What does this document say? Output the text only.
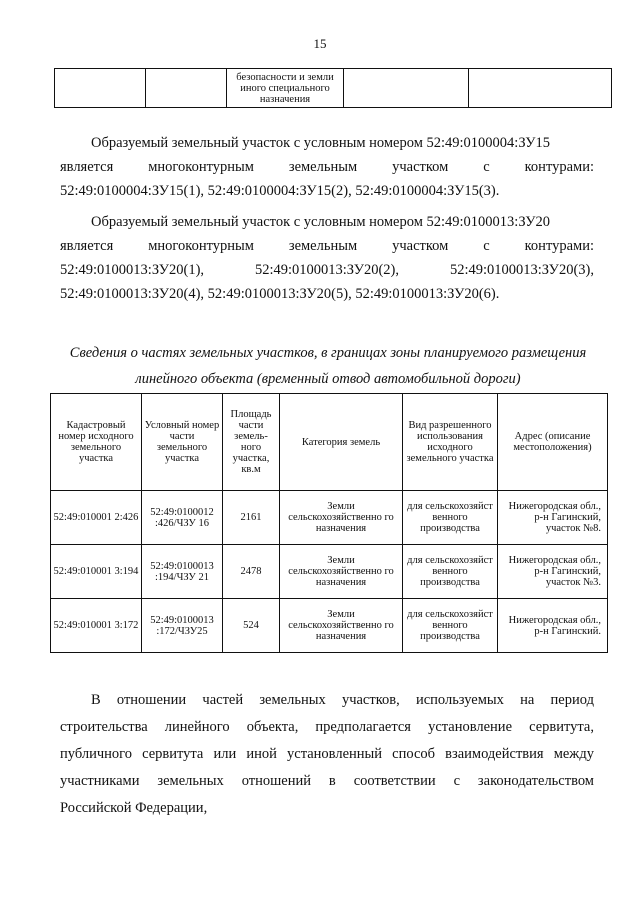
15
		безопасности и земли иного специального назначения		
Образуемый земельный участок с условным номером 52:49:0100004:ЗУ15
является многоконтурным земельным участком с контурами:
52:49:0100004:ЗУ15(1), 52:49:0100004:ЗУ15(2), 52:49:0100004:ЗУ15(3).
Образуемый земельный участок с условным номером 52:49:0100013:ЗУ20
является многоконтурным земельным участком с контурами:
52:49:0100013:ЗУ20(1),	52:49:0100013:ЗУ20(2),	52:49:0100013:ЗУ20(3),
52:49:0100013:ЗУ20(4), 52:49:0100013:ЗУ20(5), 52:49:0100013:ЗУ20(6).
Сведения о частях земельных участков, в границах зоны планируемого размещения
линейного объекта (временный отвод автомобильной дороги)
Кадастровый номер исходного земельного участка	Условный номер части земельного участка	Площадь части земель-ного участка, кв.м	Категория земель	Вид разрешенного использования исходного земельного участка	Адрес (описание местоположения)
52:49:010001 2:426	52:49:0100012 :426/ЧЗУ 16	2161	Земли сельскохозяйственно го назначения	для сельскохозяйст венного производства	Нижегородская обл., р-н Гагинский, участок №8.
52:49:010001 3:194	52:49:0100013 :194/ЧЗУ 21	2478	Земли сельскохозяйственно го назначения	для сельскохозяйст венного производства	Нижегородская обл., р-н Гагинский, участок №3.
52:49:010001 3:172	52:49:0100013 :172/ЧЗУ25	524	Земли сельскохозяйственно го назначения	для сельскохозяйст венного производства	Нижегородская обл., р-н Гагинский.
В отношении частей земельных участков, используемых на период
строительства линейного объекта, предполагается установление сервитута,
публичного сервитута или иной установленный способ взаимодействия между
участниками земельных отношений в соответствии с законодательством
Российской Федерации,
